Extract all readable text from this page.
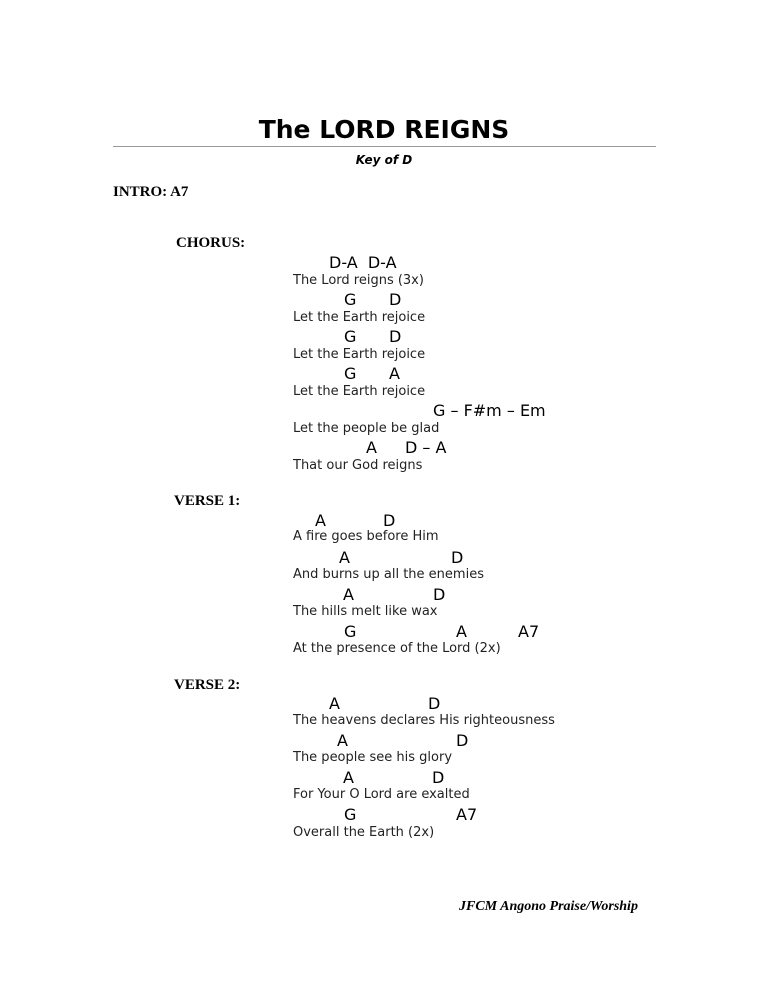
The LORD REIGNS
Key of D
INTRO: A7
CHORUS:
D-A  D-A
The Lord reigns (3x)
G D
Let the Earth rejoice
G D
Let the Earth rejoice
G A
Let the Earth rejoice
G – F#m – Em
Let the people be glad
A D – A
That our God reigns
VERSE 1:
A	D
A fire goes before Him
A	D
And burns up all the enemies
A	D
The hills melt like wax
G	A	A7
At the presence of the Lord (2x)
VERSE 2:
A	D
The heavens declares His righteousness
A	D
The people see his glory
A	D
For Your O Lord are exalted
G	A7
Overall the Earth (2x)
JFCM Angono Praise/Worship
